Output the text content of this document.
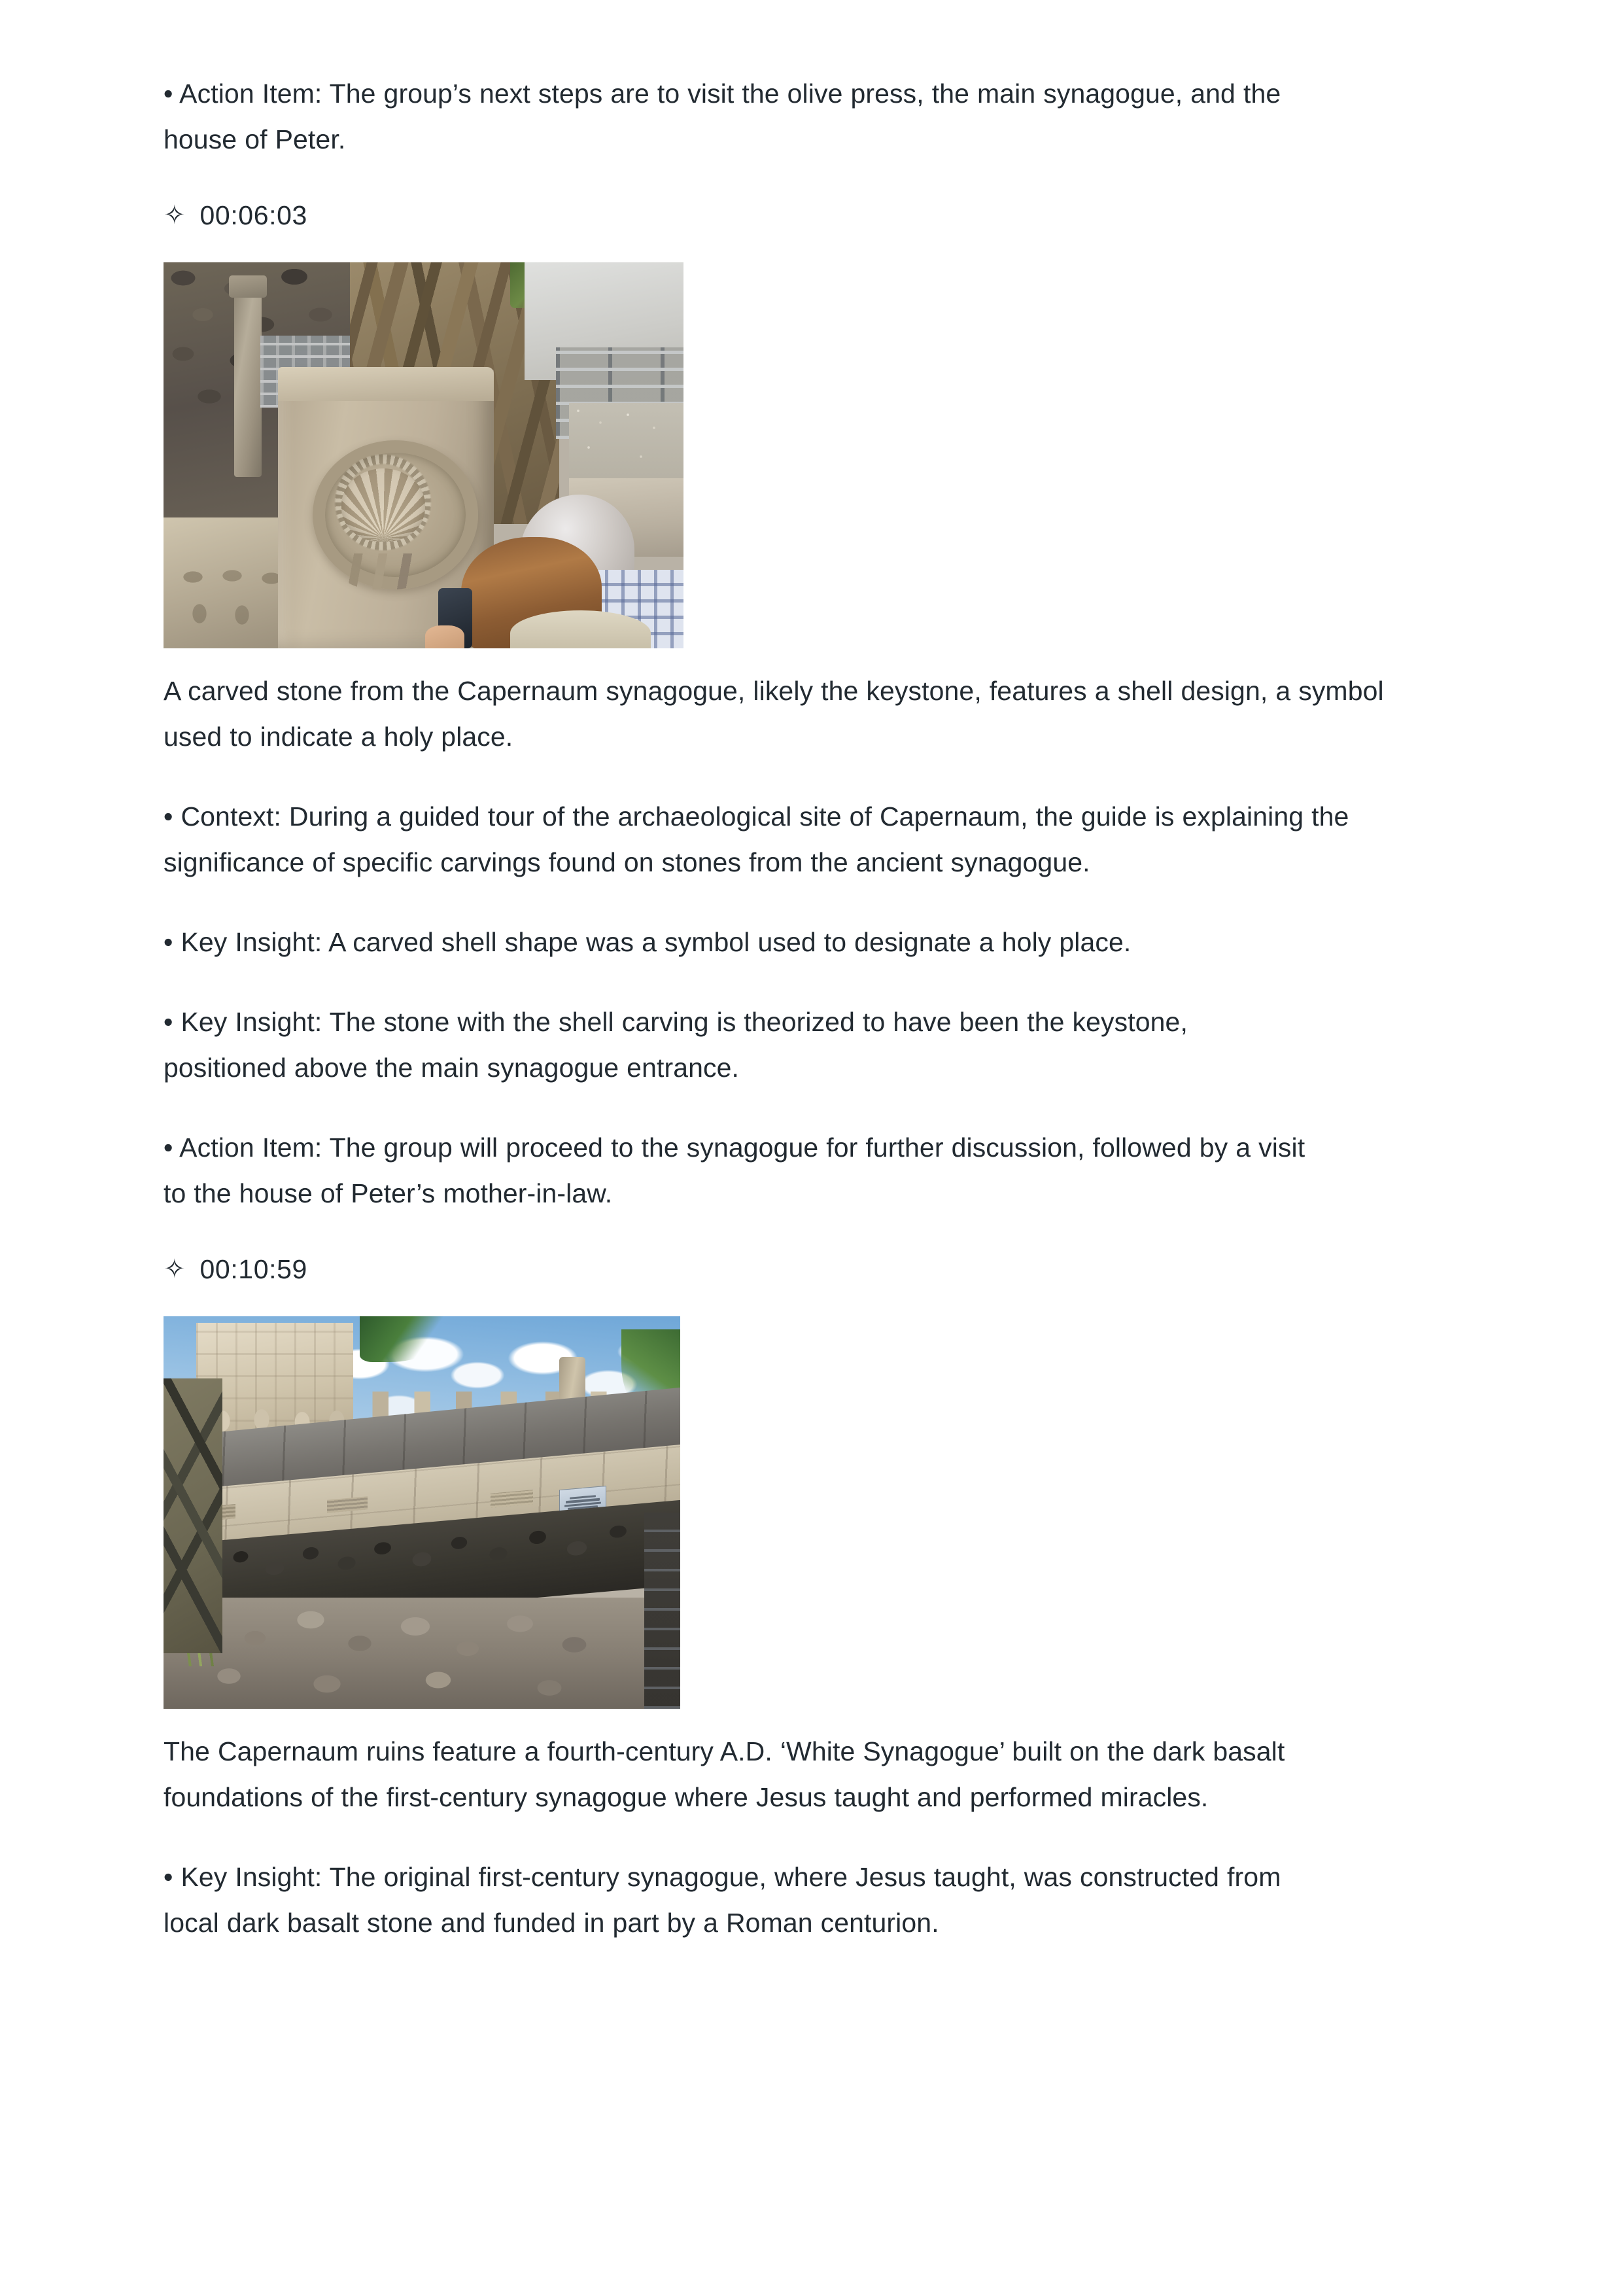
• Action Item: The group’s next steps are to visit the olive press, the main synagogue, and the house of Peter.

✧ 00:06:03

A carved stone from the Capernaum synagogue, likely the keystone, features a shell design, a symbol used to indicate a holy place.

• Context: During a guided tour of the archaeological site of Capernaum, the guide is explaining the significance of specific carvings found on stones from the ancient synagogue.

• Key Insight: A carved shell shape was a symbol used to designate a holy place.

• Key Insight: The stone with the shell carving is theorized to have been the keystone, positioned above the main synagogue entrance.

• Action Item: The group will proceed to the synagogue for further discussion, followed by a visit to the house of Peter’s mother-in-law.

✧ 00:10:59

The Capernaum ruins feature a fourth-century A.D. ‘White Synagogue’ built on the dark basalt foundations of the first-century synagogue where Jesus taught and performed miracles.

• Key Insight: The original first-century synagogue, where Jesus taught, was constructed from local dark basalt stone and funded in part by a Roman centurion.
